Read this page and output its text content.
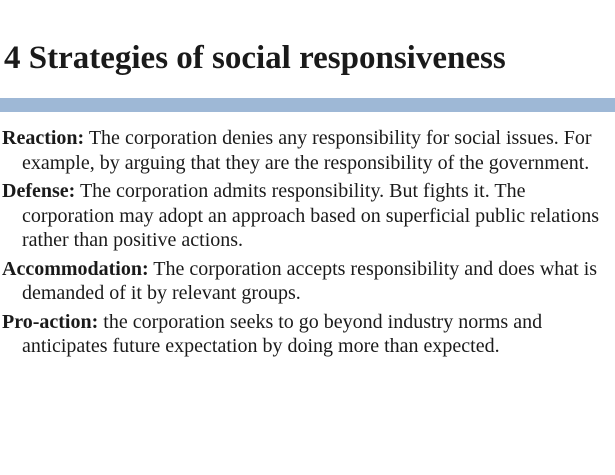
4 Strategies of social responsiveness
Reaction: The corporation denies any responsibility for social issues. For example, by arguing that they are the responsibility of the government.
Defense: The corporation admits responsibility. But fights it. The corporation may adopt an approach based on superficial public relations rather than positive actions.
Accommodation: The corporation accepts responsibility and does what is demanded of it by relevant groups.
Pro-action: the corporation seeks to go beyond industry norms and anticipates future expectation by doing more than expected.
